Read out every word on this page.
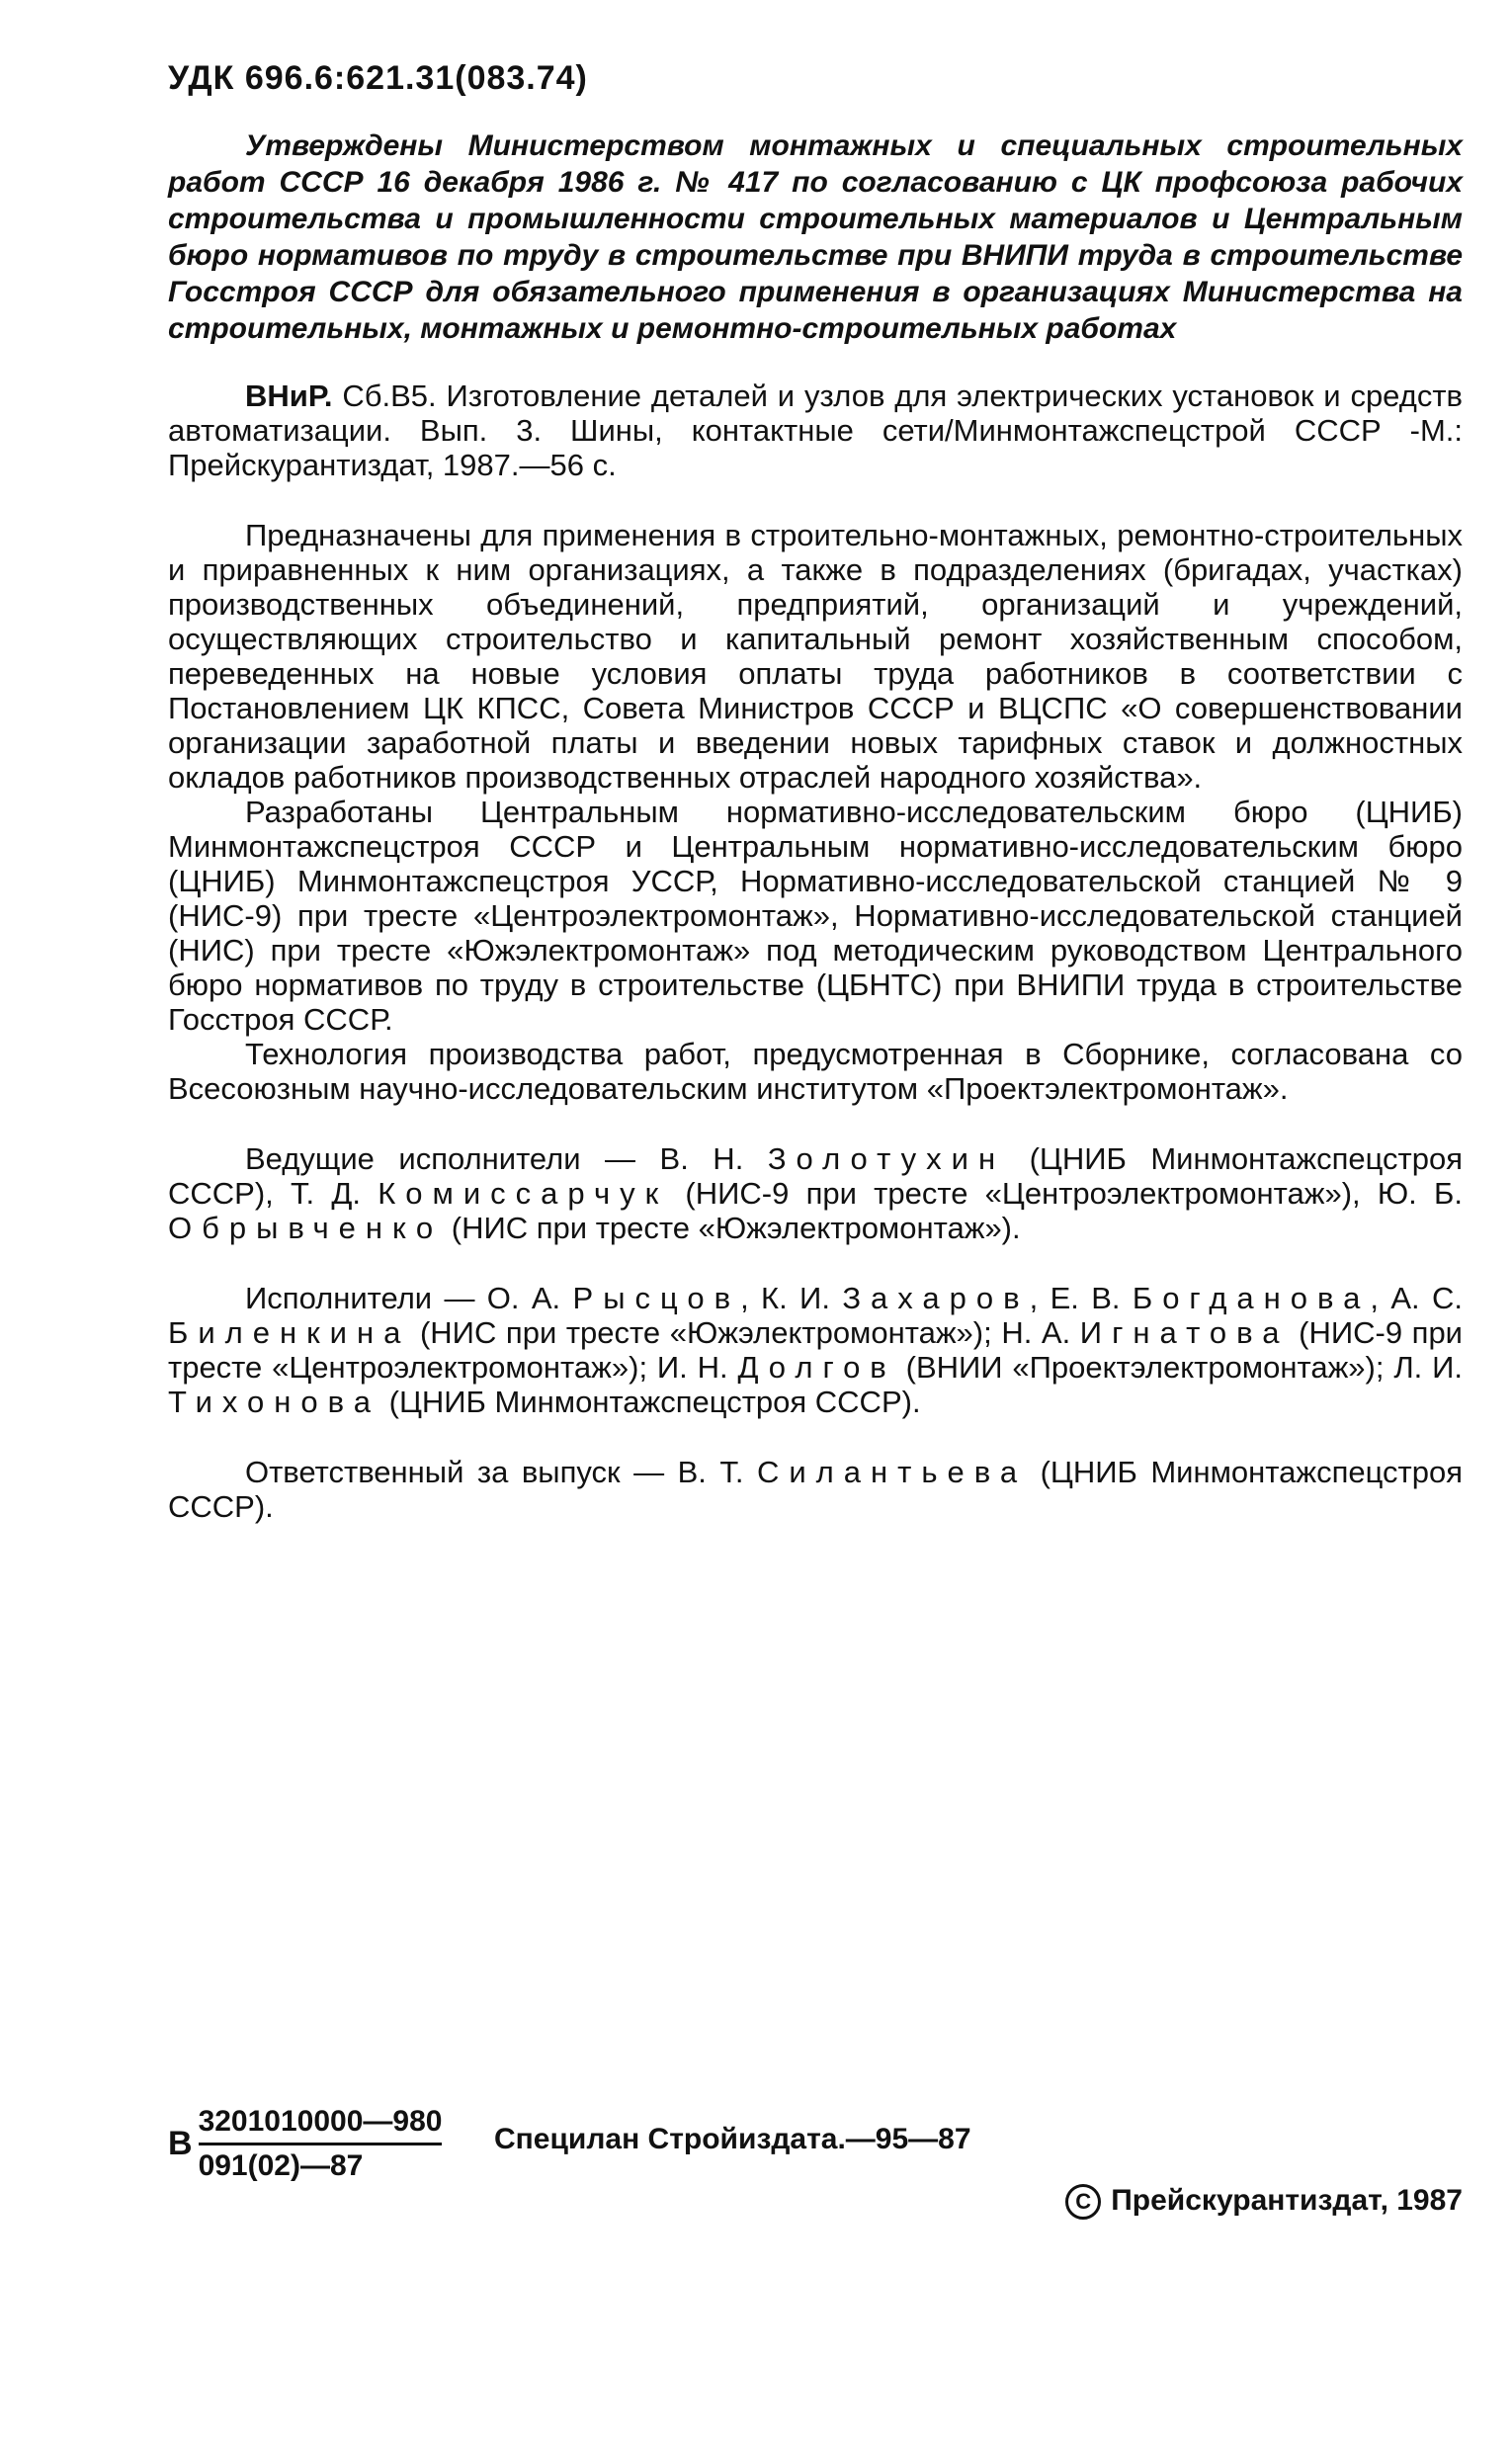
УДК 696.6:621.31(083.74)

Утверждены Министерством монтажных и специальных строительных работ СССР 16 декабря 1986 г. № 417 по согласованию с ЦК профсоюза рабочих строительства и промышленности строительных материалов и Центральным бюро нормативов по труду в строительстве при ВНИПИ труда в строительстве Госстроя СССР для обязательного применения в организациях Министерства на строительных, монтажных и ремонтно-строительных работах

ВНиР. Сб.В5. Изготовление деталей и узлов для электрических установок и средств автоматизации. Вып. 3. Шины, контактные сети/Минмонтажспецстрой СССР -М.: Прейскурантиздат, 1987.—56 с.

Предназначены для применения в строительно-монтажных, ремонтно-строительных и приравненных к ним организациях, а также в подразделениях (бригадах, участках) производственных объединений, предприятий, организаций и учреждений, осуществляющих строительство и капитальный ремонт хозяйственным способом, переведенных на новые условия оплаты труда работников в соответствии с Постановлением ЦК КПСС, Совета Министров СССР и ВЦСПС «О совершенствовании организации заработной платы и введении новых тарифных ставок и должностных окладов работников производственных отраслей народного хозяйства».

Разработаны Центральным нормативно-исследовательским бюро (ЦНИБ) Минмонтажспецстроя СССР и Центральным нормативно-исследовательским бюро (ЦНИБ) Минмонтажспецстроя УССР, Нормативно-исследовательской станцией № 9 (НИС-9) при тресте «Центроэлектромонтаж», Нормативно-исследовательской станцией (НИС) при тресте «Южэлектромонтаж» под методическим руководством Центрального бюро нормативов по труду в строительстве (ЦБНТС) при ВНИПИ труда в строительстве Госстроя СССР.

Технология производства работ, предусмотренная в Сборнике, согласована со Всесоюзным научно-исследовательским институтом «Проектэлектромонтаж».

Ведущие исполнители — В. Н. Золотухин (ЦНИБ Минмонтажспецстроя СССР), Т. Д. Комиссарчук (НИС-9 при тресте «Центроэлектромонтаж»), Ю. Б. Обрывченко (НИС при тресте «Южэлектромонтаж»).

Исполнители — О. А. Рысцов, К. И. Захаров, Е. В. Богданова, А. С. Биленкина (НИС при тресте «Южэлектромонтаж»); Н. А. Игнатова (НИС-9 при тресте «Центроэлектромонтаж»); И. Н. Долгов (ВНИИ «Проектэлектромонтаж»); Л. И. Тихонова (ЦНИБ Минмонтажспецстроя СССР).

Ответственный за выпуск — В. Т. Силантьева (ЦНИБ Минмонтажспецстроя СССР).

В $\frac{3201010000—980}{091(02)—87}$ Специлан Стройиздата.—95—87
C Прейскурантиздат, 1987
